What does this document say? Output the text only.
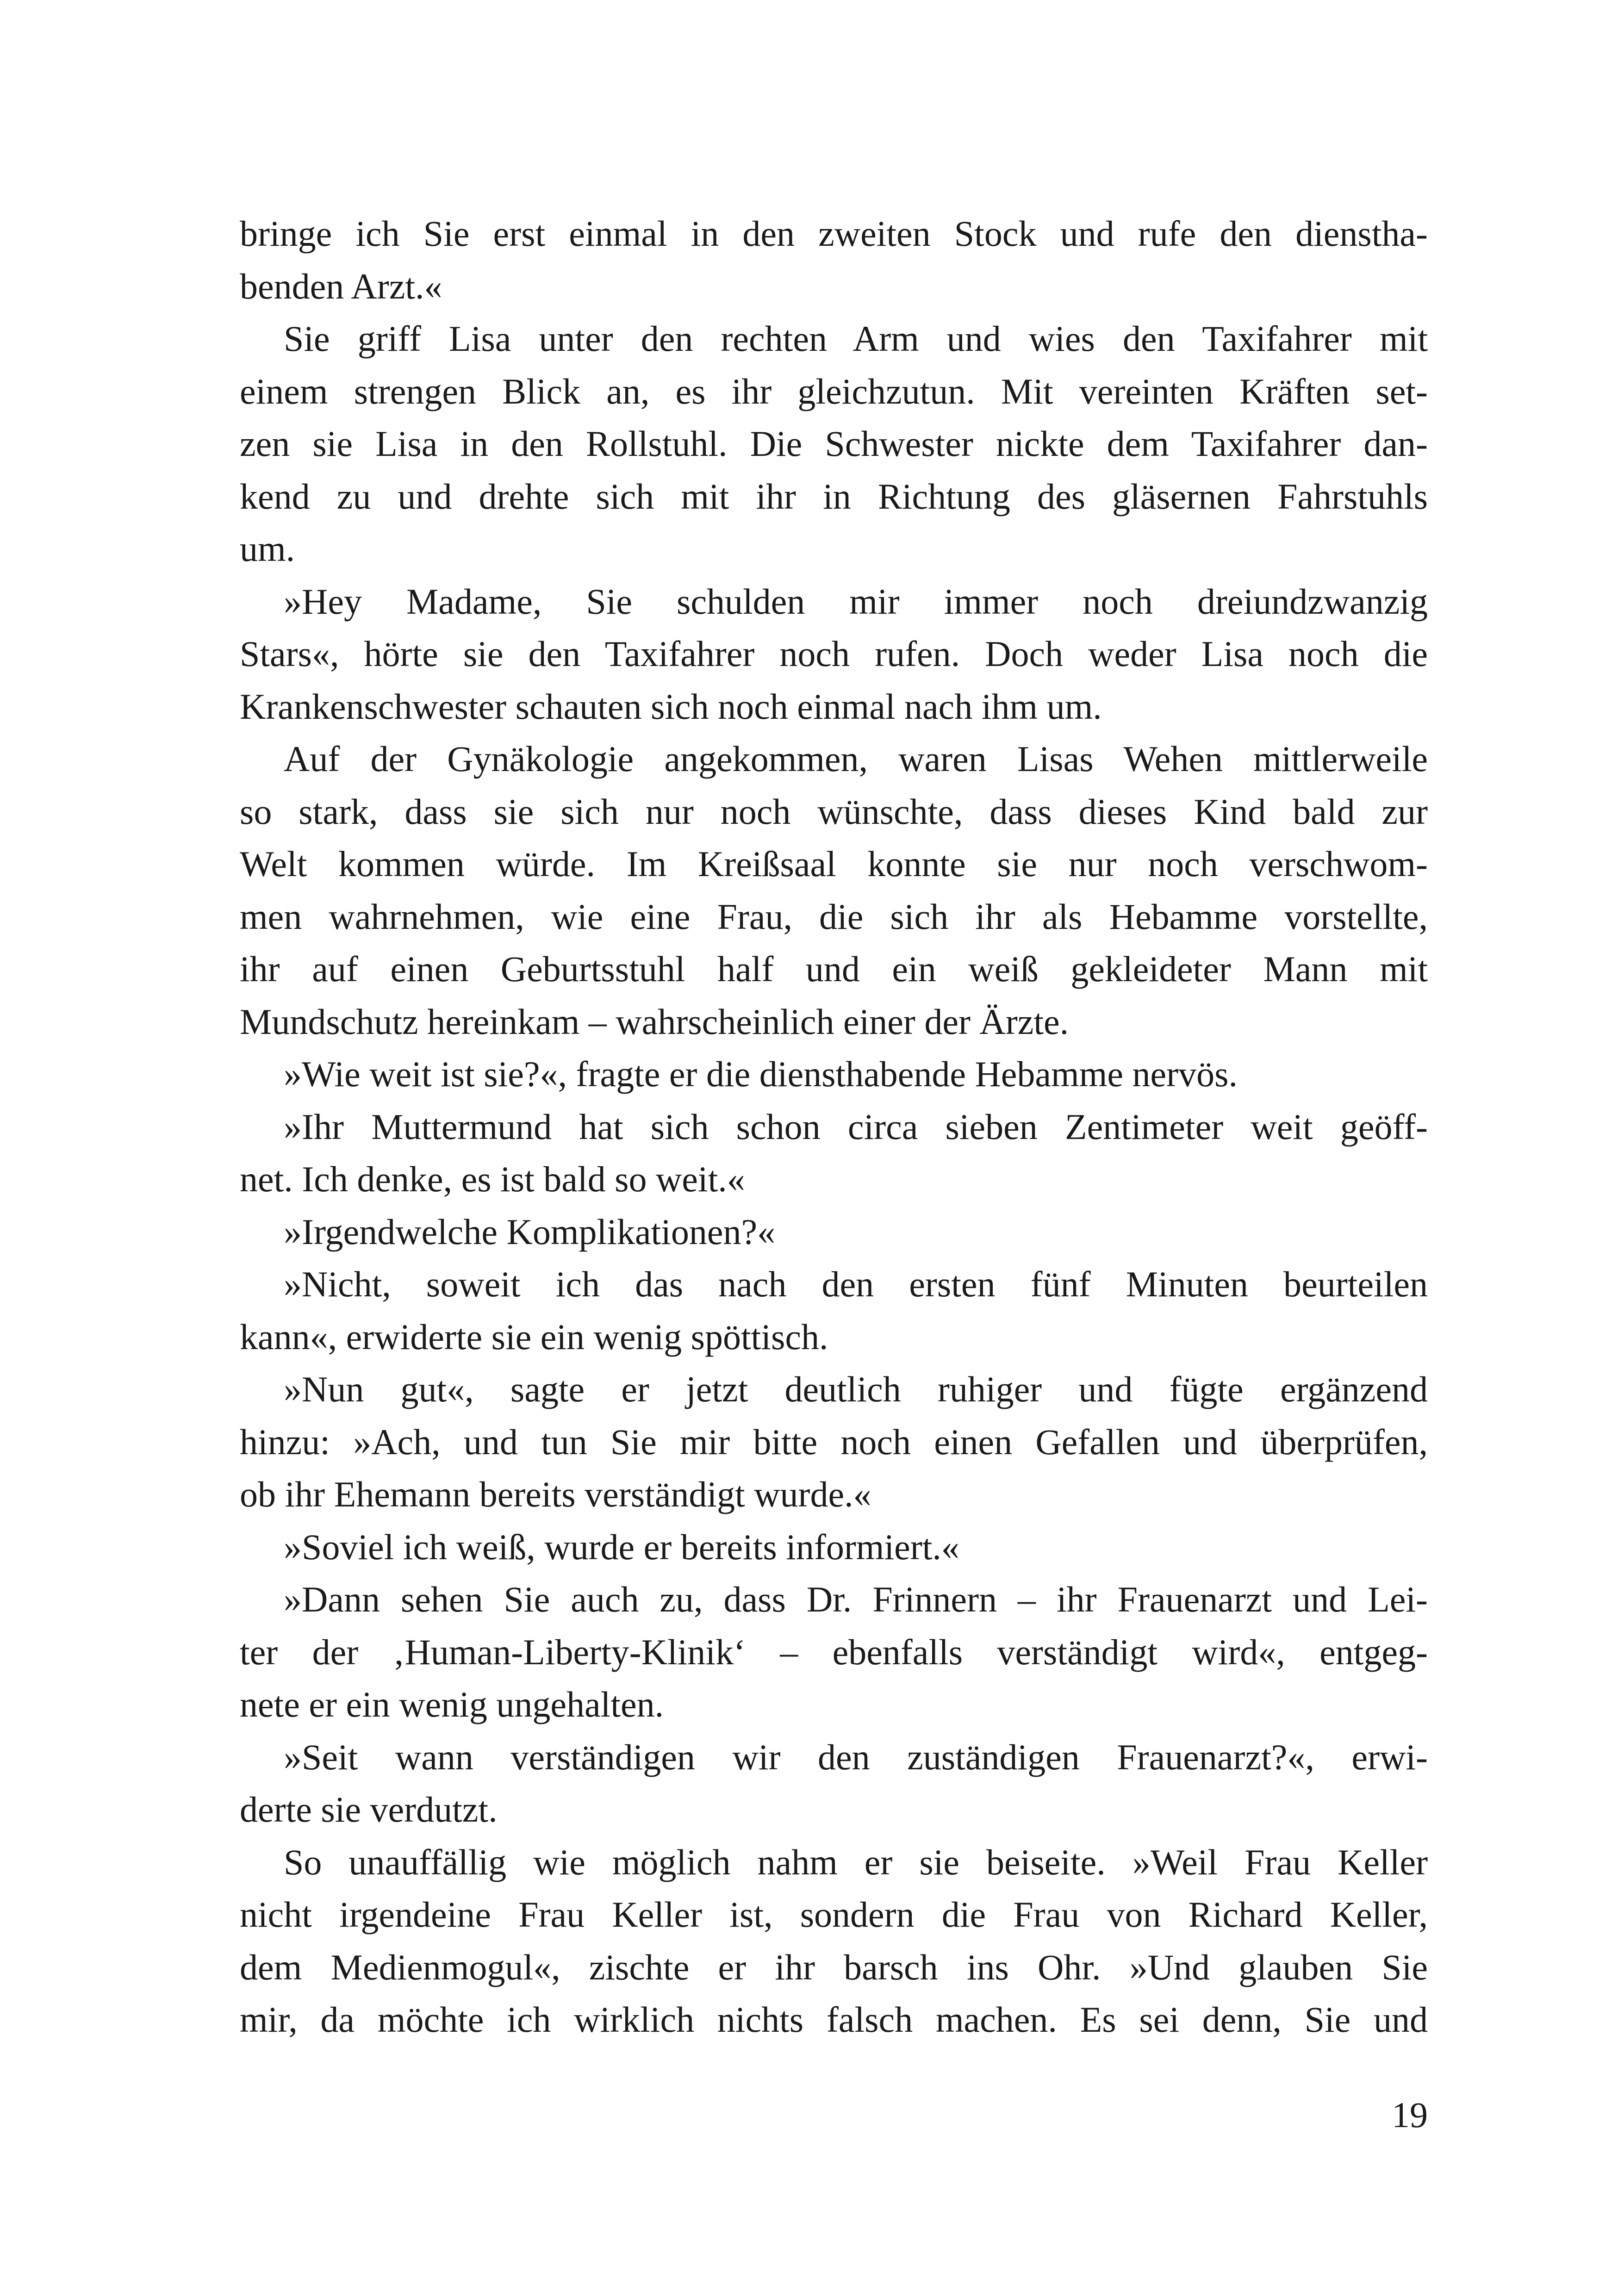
bringe ich Sie erst einmal in den zweiten Stock und rufe den dienstha-
benden Arzt.«
Sie griff Lisa unter den rechten Arm und wies den Taxifahrer mit
einem strengen Blick an, es ihr gleichzutun. Mit vereinten Kräften set-
zen sie Lisa in den Rollstuhl. Die Schwester nickte dem Taxifahrer dan-
kend zu und drehte sich mit ihr in Richtung des gläsernen Fahrstuhls
um.
»Hey Madame, Sie schulden mir immer noch dreiundzwanzig
Stars«, hörte sie den Taxifahrer noch rufen. Doch weder Lisa noch die
Krankenschwester schauten sich noch einmal nach ihm um.
Auf der Gynäkologie angekommen, waren Lisas Wehen mittlerweile
so stark, dass sie sich nur noch wünschte, dass dieses Kind bald zur
Welt kommen würde. Im Kreißsaal konnte sie nur noch verschwom-
men wahrnehmen, wie eine Frau, die sich ihr als Hebamme vorstellte,
ihr auf einen Geburtsstuhl half und ein weiß gekleideter Mann mit
Mundschutz hereinkam – wahrscheinlich einer der Ärzte.
»Wie weit ist sie?«, fragte er die diensthabende Hebamme nervös.
»Ihr Muttermund hat sich schon circa sieben Zentimeter weit geöff-
net. Ich denke, es ist bald so weit.«
»Irgendwelche Komplikationen?«
»Nicht, soweit ich das nach den ersten fünf Minuten beurteilen
kann«, erwiderte sie ein wenig spöttisch.
»Nun gut«, sagte er jetzt deutlich ruhiger und fügte ergänzend
hinzu: »Ach, und tun Sie mir bitte noch einen Gefallen und überprüfen,
ob ihr Ehemann bereits verständigt wurde.«
»Soviel ich weiß, wurde er bereits informiert.«
»Dann sehen Sie auch zu, dass Dr. Frinnern – ihr Frauenarzt und Lei-
ter der ‚Human-Liberty-Klinik‘ – ebenfalls verständigt wird«, entgeg-
nete er ein wenig ungehalten.
»Seit wann verständigen wir den zuständigen Frauenarzt?«, erwi-
derte sie verdutzt.
So unauffällig wie möglich nahm er sie beiseite. »Weil Frau Keller
nicht irgendeine Frau Keller ist, sondern die Frau von Richard Keller,
dem Medienmogul«, zischte er ihr barsch ins Ohr. »Und glauben Sie
mir, da möchte ich wirklich nichts falsch machen. Es sei denn, Sie und
19
